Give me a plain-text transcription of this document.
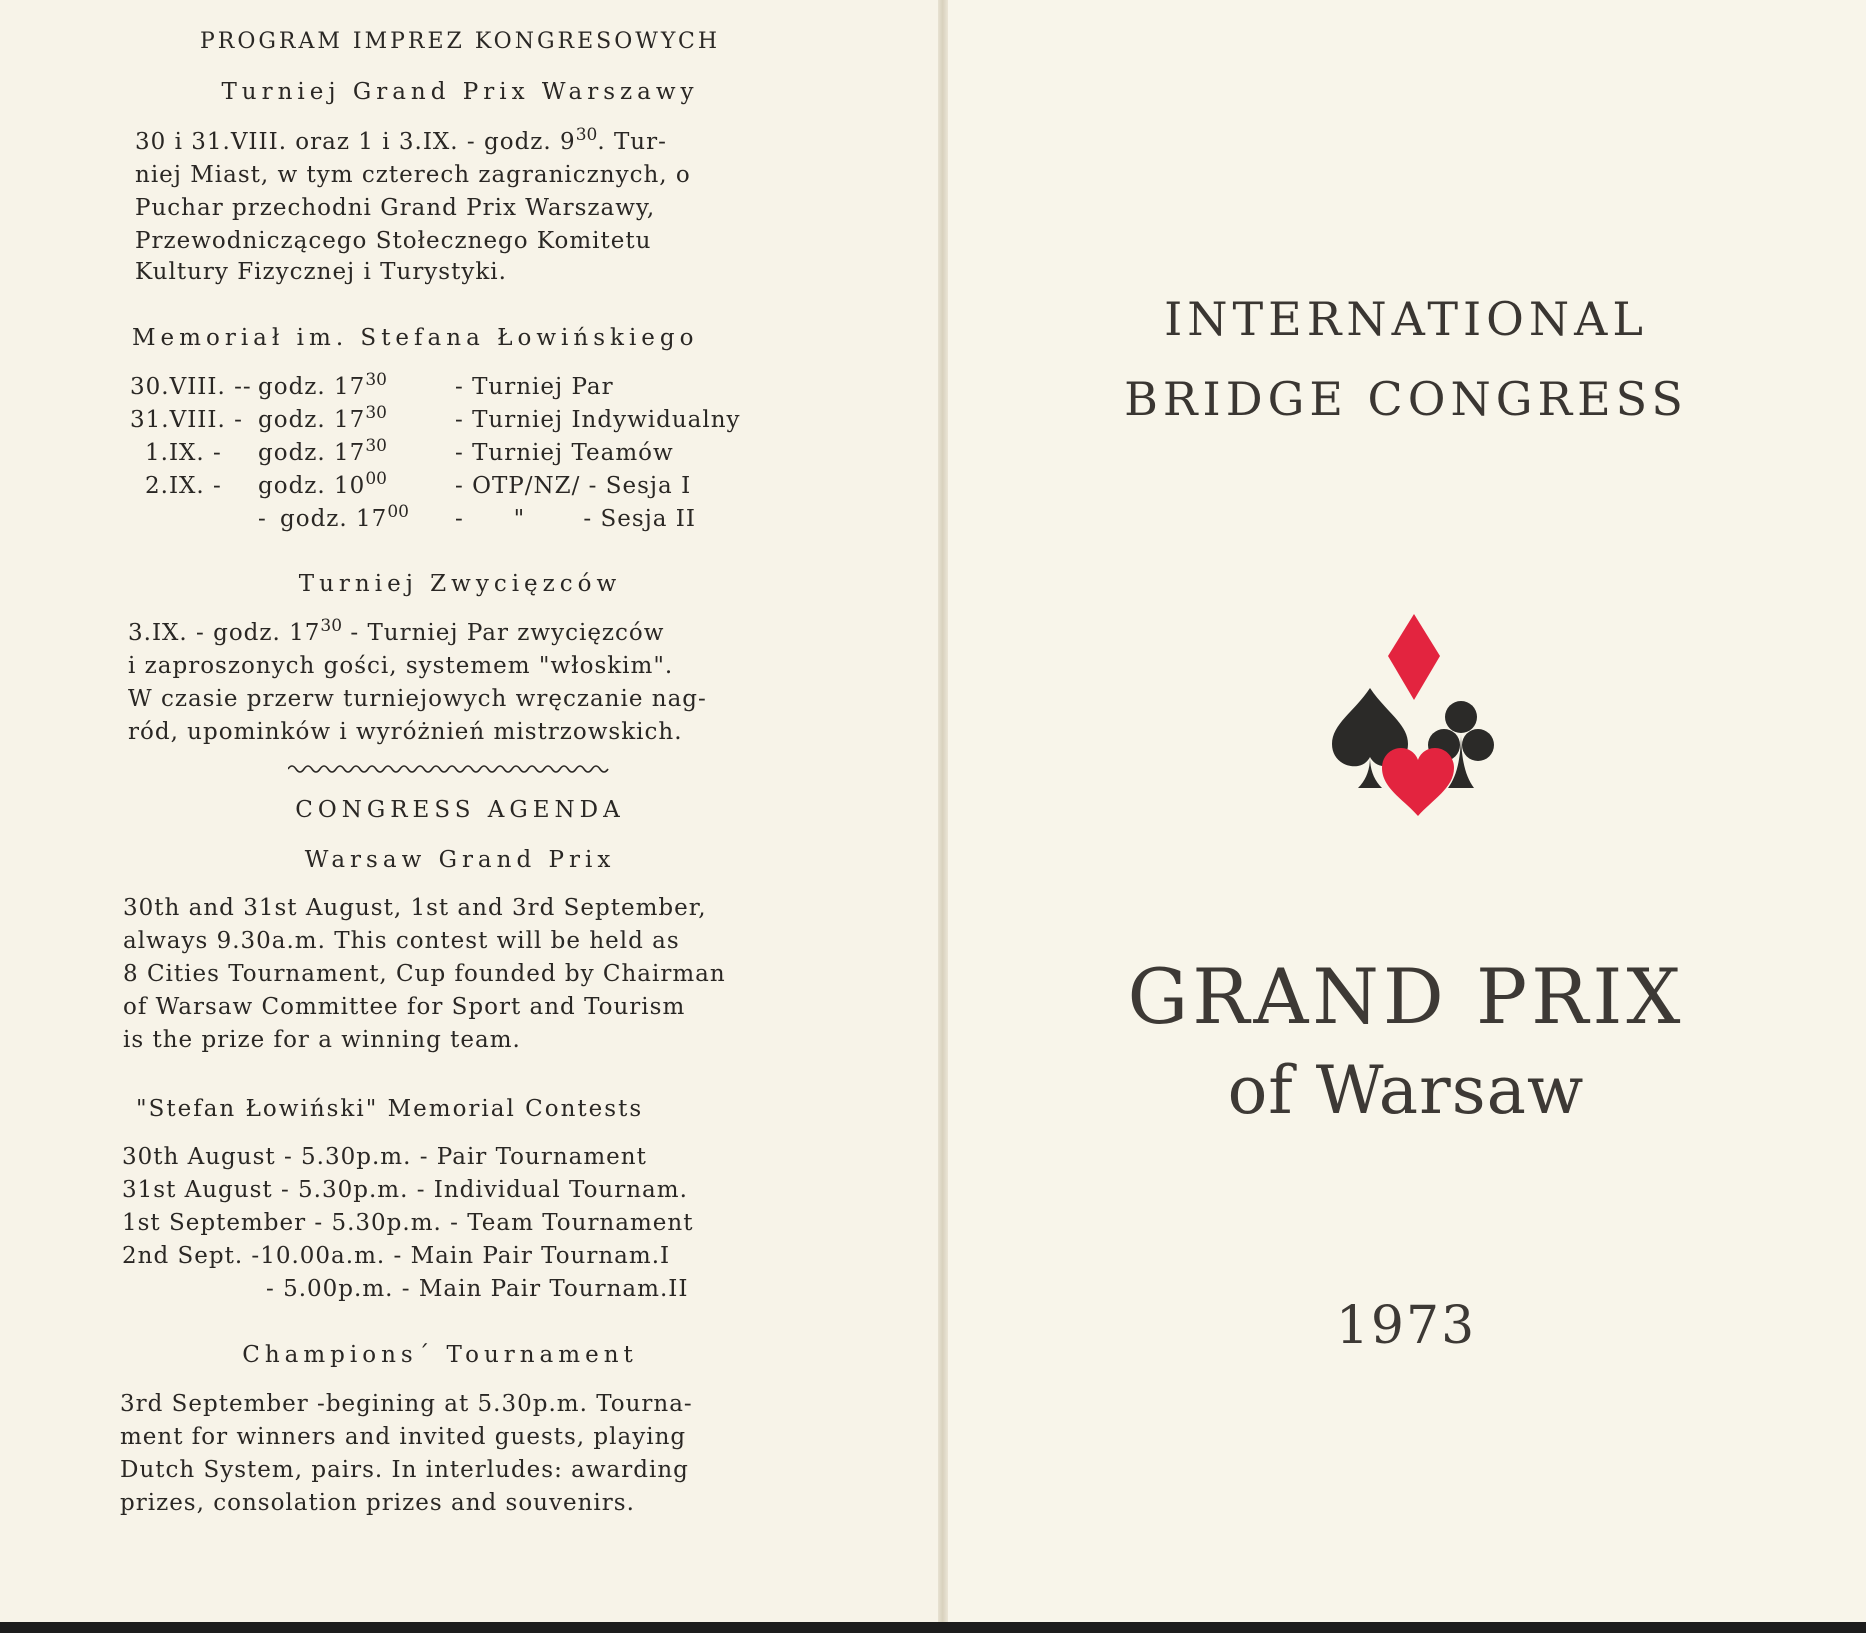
PROGRAM IMPREZ KONGRESOWYCH
Turniej Grand Prix Warszawy
30 i 31.VIII. oraz 1 i 3.IX. - godz. $9^{30}$. Tur-
niej Miast, w tym czterech zagranicznych, o
Puchar przechodni Grand Prix Warszawy,
Przewodniczącego Stołecznego Komitetu
Kultury Fizycznej i Turystyki.
Memoriał im. Stefana Łowińskiego
30.VIII. -- godz. $17^{30}$	- Turniej Par
31.VIII. - godz. $17^{30}$	- Turniej Indywidualny
1.IX. - godz. $17^{30}$	- Turniej Teamów
2.IX. - godz. $10^{00}$	- OTP/NZ/ - Sesja I
- godz. $17^{00}$ -      "       - Sesja II
Turniej Zwycięzców
3.IX. - godz. $17^{30}$ - Turniej Par zwycięzców
i zaproszonych gości, systemem "włoskim".
W czasie przerw turniejowych wręczanie nag-
ród, upominków i wyróżnień mistrzowskich.
CONGRESS AGENDA
Warsaw Grand Prix
30th and 31st August, 1st and 3rd September,
always 9.30a.m. This contest will be held as
8 Cities Tournament, Cup founded by Chairman
of Warsaw Committee for Sport and Tourism
is the prize for a winning team.
"Stefan Łowiński" Memorial Contests
30th August - 5.30p.m. - Pair Tournament
31st August - 5.30p.m. - Individual Tournam.
1st September - 5.30p.m. - Team Tournament
2nd Sept. -10.00a.m. - Main Pair Tournam.I
- 5.00p.m. - Main Pair Tournam.II
Champions´ Tournament
3rd September -begining at 5.30p.m. Tourna-
ment for winners and invited guests, playing
Dutch System, pairs. In interludes: awarding
prizes, consolation prizes and souvenirs.
INTERNATIONAL
BRIDGE CONGRESS
GRAND PRIX
of Warsaw
1973
